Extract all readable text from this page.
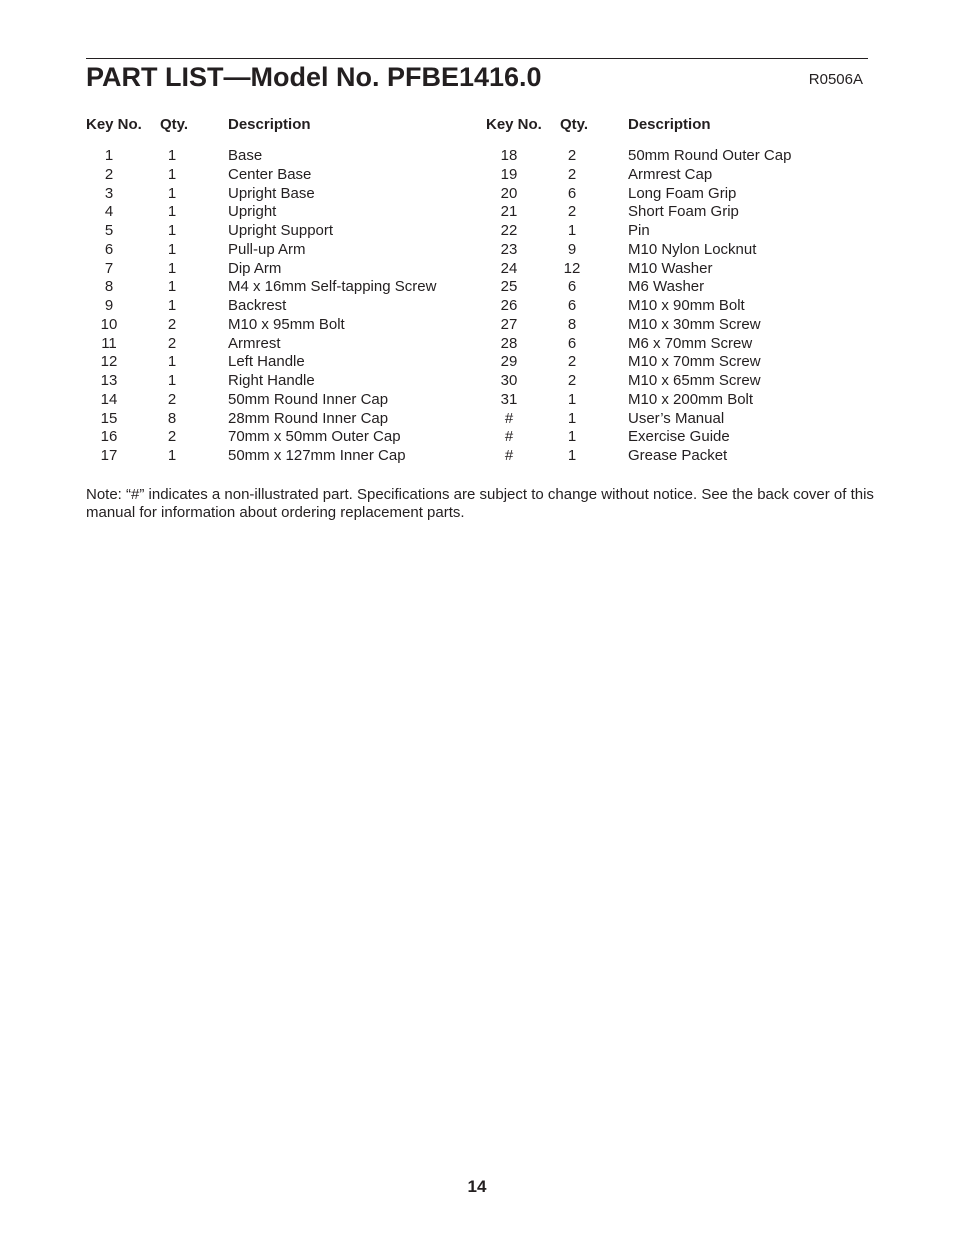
PART LIST—Model No. PFBE1416.0	R0506A
Key No.	Qty.	Description
1	1	Base
2	1	Center Base
3	1	Upright Base
4	1	Upright
5	1	Upright Support
6	1	Pull-up Arm
7	1	Dip Arm
8	1	M4 x 16mm Self-tapping Screw
9	1	Backrest
10	2	M10 x 95mm Bolt
11	2	Armrest
12	1	Left Handle
13	1	Right Handle
14	2	50mm Round Inner Cap
15	8	28mm Round Inner Cap
16	2	70mm x 50mm Outer Cap
17	1	50mm x 127mm Inner Cap
Key No.	Qty.	Description
18	2	50mm Round Outer Cap
19	2	Armrest Cap
20	6	Long Foam Grip
21	2	Short Foam Grip
22	1	Pin
23	9	M10 Nylon Locknut
24	12	M10 Washer
25	6	M6 Washer
26	6	M10 x 90mm Bolt
27	8	M10 x 30mm Screw
28	6	M6 x 70mm Screw
29	2	M10 x 70mm Screw
30	2	M10 x 65mm Screw
31	1	M10 x 200mm Bolt
#	1	User’s Manual
#	1	Exercise Guide
#	1	Grease Packet
Note: “#” indicates a non-illustrated part. Specifications are subject to change without notice. See the back cover of this manual for information about ordering replacement parts.
14
